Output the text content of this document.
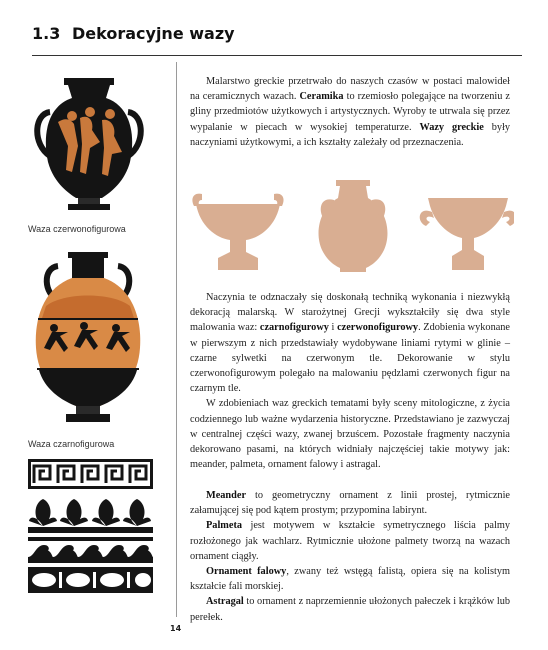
1.3 Dekoracyjne wazy
Waza czerwonofigurowa
Waza czarnofigurowa

Malarstwo greckie przetrwało do naszych czasów w postaci malowideł na ceramicznych wazach. Ceramika to rzemiosło polegające na tworzeniu z gliny przedmiotów użytkowych i artystycznych. Wyroby te utrwala się przez wypalanie w piecach w wysokiej temperaturze. Wazy greckie były naczyniami użytkowymi, a ich kształty zależały od przeznaczenia.

Naczynia te odznaczały się doskonałą techniką wykonania i niezwykłą dekoracją malarską. W starożytnej Grecji wykształciły się dwa style malowania waz: czarnofigurowy i czerwonofigurowy. Zdobienia wykonane w pierwszym z nich przedstawiały wydobywane liniami rytymi w glinie – czarne sylwetki na czerwonym tle. Dekorowanie w stylu czerwonofigurowym polegało na malowaniu pędzlami czerwonych figur na czarnym tle.

W zdobieniach waz greckich tematami były sceny mitologiczne, z życia codziennego lub ważne wydarzenia historyczne. Przedstawiano je zazwyczaj w centralnej części wazy, zwanej brzuścem. Pozostałe fragmenty naczynia dekorowano pasami, na których widniały najczęściej takie motywy jak: meander, palmeta, ornament falowy i astragal.

Meander to geometryczny ornament z linii prostej, rytmicznie załamującej się pod kątem prostym; przypomina labirynt.

Palmeta jest motywem w kształcie symetrycznego liścia palmy rozłożonego jak wachlarz. Rytmicznie ułożone palmety tworzą na wazach ornament ciągły.

Ornament falowy, zwany też wstęgą falistą, opiera się na kolistym kształcie fali morskiej.

Astragal to ornament z naprzemiennie ułożonych pałeczek i krążków lub perełek.

14
